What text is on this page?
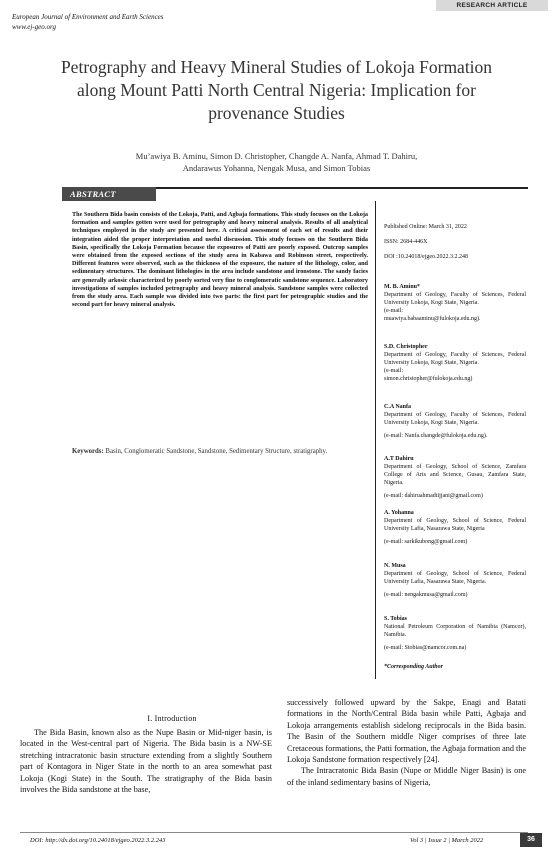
European Journal of Environment and Earth Sciences
www.ej-geo.org
RESEARCH ARTICLE
Petrography and Heavy Mineral Studies of Lokoja Formation along Mount Patti North Central Nigeria: Implication for provenance Studies
Mu’awiya B. Aminu, Simon D. Christopher, Changde A. Nanfa, Ahmad T. Dahiru,
Andarawus Yohanna, Nengak Musa, and Simon Tobias
ABSTRACT
The Southern Bida basin consists of the Lokoja, Patti, and Agbaja formations. This study focuses on the Lokoja formation and samples gotten were used for petrography and heavy mineral analysis. Results of all analytical techniques employed in the study are presented here. A critical assessment of each set of results and their integration aided the proper interpretation and useful discussion. This study focuses on the Southern Bida Basin, specifically the Lokoja Formation because the exposures of Patti are poorly exposed. Outcrop samples were obtained from the exposed sections of the study area in Kabawa and Robinson street, respectively. Different features were observed, such as the thickness of the exposure, the nature of the lithology, color, and sedimentary structures. The dominant lithologies in the area include sandstone and ironstone. The sandy facies are generally arkosic characterized by poorly sorted very fine to conglomeratic sandstone sequence. Laboratory investigations of samples included petrography and heavy mineral analysis. Sandstone samples were collected from the study area. Each sample was divided into two parts: the first part for petrographic studies and the second part for heavy mineral analysis.
Keywords: Basin, Conglomeratic Sandstone, Sandstone, Sedimentary Structure, stratigraphy.
Published Online: March 31, 2022
ISSN: 2684-446X
DOI :10.24018/ejgeo.2022.3.2.248
M. B. Aminu*
Department of Geology, Faculty of Sciences, Federal University Lokoja, Kogi State, Nigeria.
(e-mail:
muawiya.babaaminu@fulokoja.edu.ng).
S.D. Christopher
Department of Geology, Faculty of Sciences, Federal University Lokoja, Kogi State, Nigeria.
(e-mail:
simon.christopher@fulokoja.edu.ng)
C.A Nanfa
Department of Geology, Faculty of Sciences, Federal University Lokoja, Kogi State, Nigeria.
(e-mail: Nanfa.changde@fulokoja.edu.ng).
A.T Dahiru
Department of Geology, School of Science, Zamfara College of Arts and Science, Gusau, Zamfara State, Nigeria.
(e-mail: dahiruahmadtijjani@gmail.com)
A. Yohanna
Department of Geology, School of Science, Federal University Lafia, Nasarawa State, Nigeria
(e-mail: sarkikubong@gmail.com)
N. Musa
Department of Geology, School of Science, Federal University Lafia, Nasarawa State, Nigeria.
(e-mail: nengakmusa@gmail.com)
S. Tobias
National Petroleum Corporation of Namibia (Namcor), Namibia.
(e-mail: Stobias@namcor.com.na)
*Corresponding Author
I. Introduction

The Bida Basin, known also as the Nupe Basin or Mid-niger basin, is located in the West-central part of Nigeria. The Bida basin is a NW-SE stretching intracratonic basin structure extending from a slightly Southern part of Kontagora in Niger State in the north to an area somewhat past Lokoja (Kogi State) in the South. The stratigraphy of the Bida basin involves the Bida sandstone at the base,

successively followed upward by the Sakpe, Enagi and Batati formations in the North/Central Bida basin while Patti, Agbaja and Lokoja arrangements establish sidelong reciprocals in the Bida basin. The Basin of the Southern middle Niger comprises of three late Cretaceous formations, the Patti formation, the Agbaja formation and the Lokoja Sandstone formation respectively [24].

The Intracratonic Bida Basin (Nupe or Middle Niger Basin) is one of the inland sedimentary basins of Nigeria,

DOI: http://dx.doi.org/10.24018/ejgeo.2022.3.2.243	Vol 3 | Issue 2 | March 2022	36
